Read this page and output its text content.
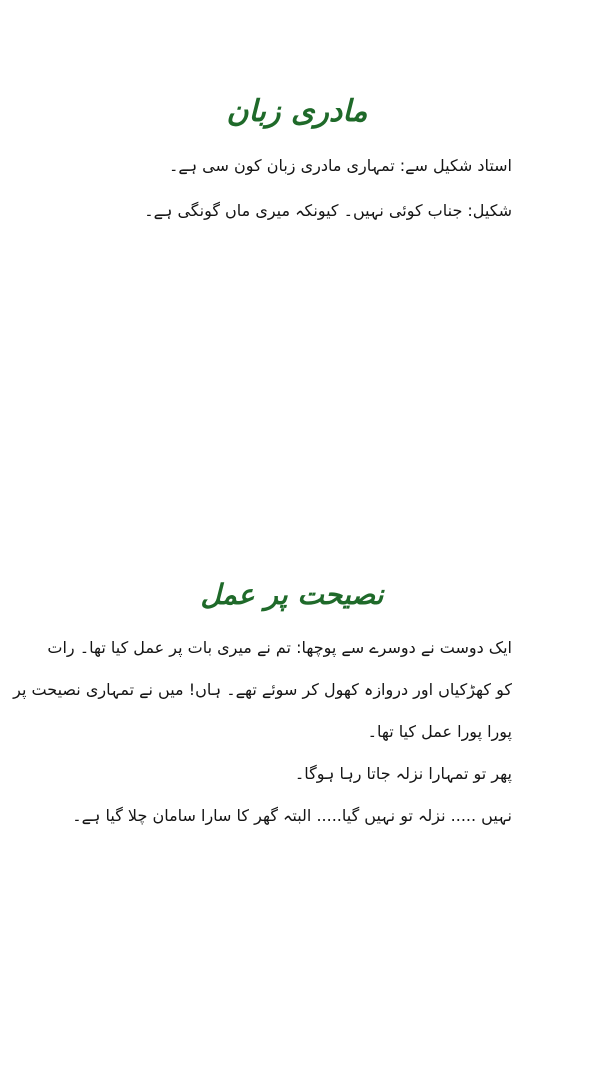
مادری زبان

استاد شکیل سے: تمہاری مادری زبان کون سی ہے۔

شکیل: جناب کوئی نہیں۔ کیونکہ میری ماں گونگی ہے۔

نصیحت پر عمل

ایک دوست نے دوسرے سے پوچھا: تم نے میری بات پر عمل کیا تھا۔ رات

کو کھڑکیاں اور دروازہ کھول کر سوئے تھے۔ ہاں! میں نے تمہاری نصیحت پر

پورا پورا عمل کیا تھا۔

پھر تو تمہارا نزلہ جاتا رہا ہوگا۔

نہیں ..... نزلہ تو نہیں گیا..... البتہ گھر کا سارا سامان چلا گیا ہے۔
